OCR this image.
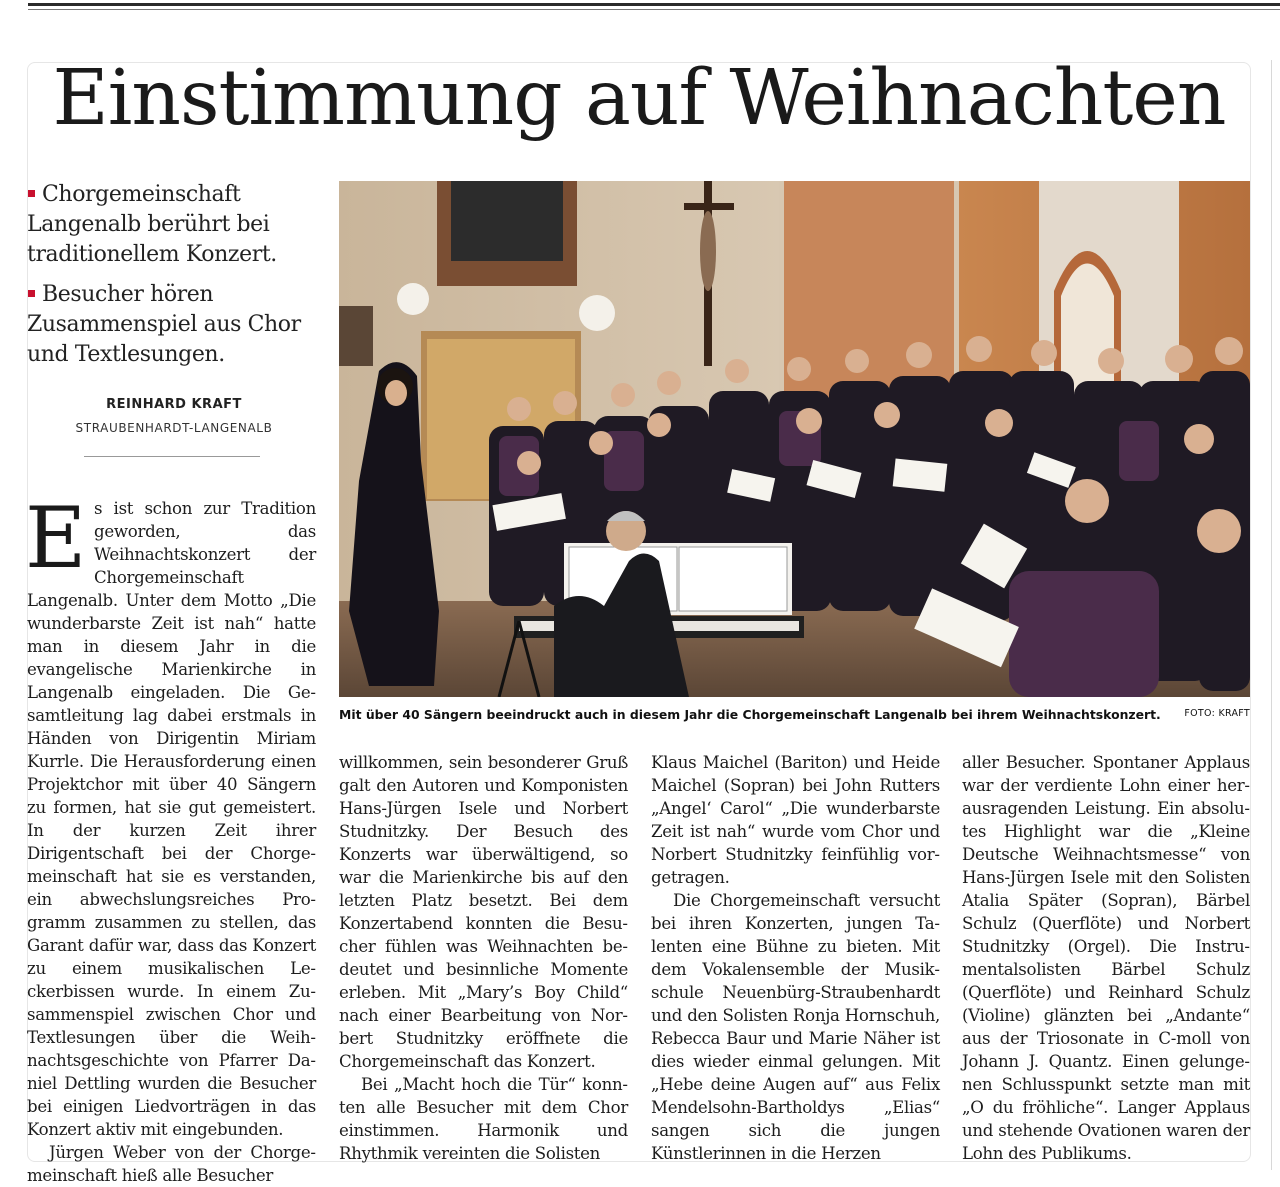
Einstimmung auf Weihnachten

Chorgemeinschaft Langenalb berührt bei traditionellem Konzert.

Besucher hören Zusammenspiel aus Chor und Textlesungen.

REINHARD KRAFT
STRAUBENHARDT-LANGENALB
Mit über 40 Sängern beeindruckt auch in diesem Jahr die Chorgemeinschaft Langenalb bei ihrem Weihnachtskonzert. FOTO: KRAFT
E s ist schon zur Tradition geworden, das Weihnachtskonzert der Chorgemeinschaft Langenalb. Unter dem Motto „Die wunderbarste Zeit ist nah“ hatte man in diesem Jahr in die evangelische Marienkirche in Langenalb eingeladen. Die Gesamtleitung lag dabei erstmals in Händen von Dirigentin Miriam Kurrle. Die Herausforderung einen Projektchor mit über 40 Sängern zu formen, hat sie gut gemeistert. In der kurzen Zeit ihrer Dirigentschaft bei der Chorgemeinschaft hat sie es verstanden, ein abwechslungsreiches Programm zusammen zu stellen, das Garant dafür war, dass das Konzert zu einem musikalischen Leckerbissen wurde. In einem Zusammenspiel zwischen Chor und Textlesungen über die Weihnachtsgeschichte von Pfarrer Daniel Dettling wurden die Besucher bei einigen Liedvorträgen in das Konzert aktiv mit eingebunden.

Jürgen Weber von der Chorgemeinschaft hieß alle Besucher

willkommen, sein besonderer Gruß galt den Autoren und Komponisten Hans-Jürgen Isele und Norbert Studnitzky. Der Besuch des Konzerts war überwältigend, so war die Marienkirche bis auf den letzten Platz besetzt. Bei dem Konzertabend konnten die Besucher fühlen was Weihnachten bedeutet und besinnliche Momente erleben. Mit „Mary’s Boy Child“ nach einer Bearbeitung von Norbert Studnitzky eröffnete die Chorgemeinschaft das Konzert.

Bei „Macht hoch die Tür“ konnten alle Besucher mit dem Chor einstimmen. Harmonik und Rhythmik vereinten die Solisten

Klaus Maichel (Bariton) und Heide Maichel (Sopran) bei John Rutters „Angel‘ Carol“ „Die wunderbarste Zeit ist nah“ wurde vom Chor und Norbert Studnitzky feinfühlig vorgetragen.

Die Chorgemeinschaft versucht bei ihren Konzerten, jungen Talenten eine Bühne zu bieten. Mit dem Vokalensemble der Musikschule Neuenbürg-Straubenhardt und den Solisten Ronja Hornschuh, Rebecca Baur und Marie Näher ist dies wieder einmal gelungen. Mit „Hebe deine Augen auf“ aus Felix Mendelsohn-Bartholdys „Elias“ sangen sich die jungen Künstlerinnen in die Herzen

aller Besucher. Spontaner Applaus war der verdiente Lohn einer herausragenden Leistung. Ein absolutes Highlight war die „Kleine Deutsche Weihnachtsmesse“ von Hans-Jürgen Isele mit den Solisten Atalia Später (Sopran), Bärbel Schulz (Querflöte) und Norbert Studnitzky (Orgel). Die Instrumentalsolisten Bärbel Schulz (Querflöte) und Reinhard Schulz (Violine) glänzten bei „Andante“ aus der Triosonate in C-moll von Johann J. Quantz. Einen gelungenen Schlusspunkt setzte man mit „O du fröhliche“. Langer Applaus und stehende Ovationen waren der Lohn des Publikums.
